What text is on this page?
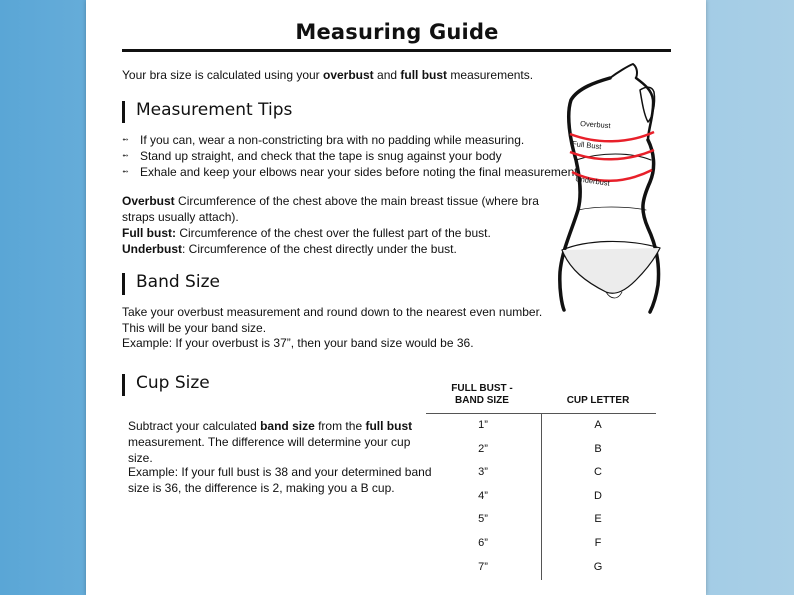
Measuring Guide
Your bra size is calculated using your overbust and full bust measurements.
Measurement Tips
➻ If you can, wear a non-constricting bra with no padding while measuring.
➻ Stand up straight, and check that the tape is snug against your body
➻ Exhale and keep your elbows near your sides before noting the final measurement.
Overbust Circumference of the chest above the main breast tissue (where bra straps usually attach).
Full bust: Circumference of the chest over the fullest part of the bust.
Underbust: Circumference of the chest directly under the bust.
Band Size
Take your overbust measurement and round down to the nearest even number. This will be your band size.
Example: If your overbust is 37”, then your band size would be 36.
Cup Size
Subtract your calculated band size from the full bust measurement. The difference will determine your cup size.
Example: If your full bust is 38 and your determined band size is 36, the difference is 2, making you a B cup.
FULL BUST -
BAND SIZE	CUP LETTER
1”	A
2”	B
3”	C
4”	D
5”	E
6”	F
7”	G
Overbust
Full Bust
Underbust
